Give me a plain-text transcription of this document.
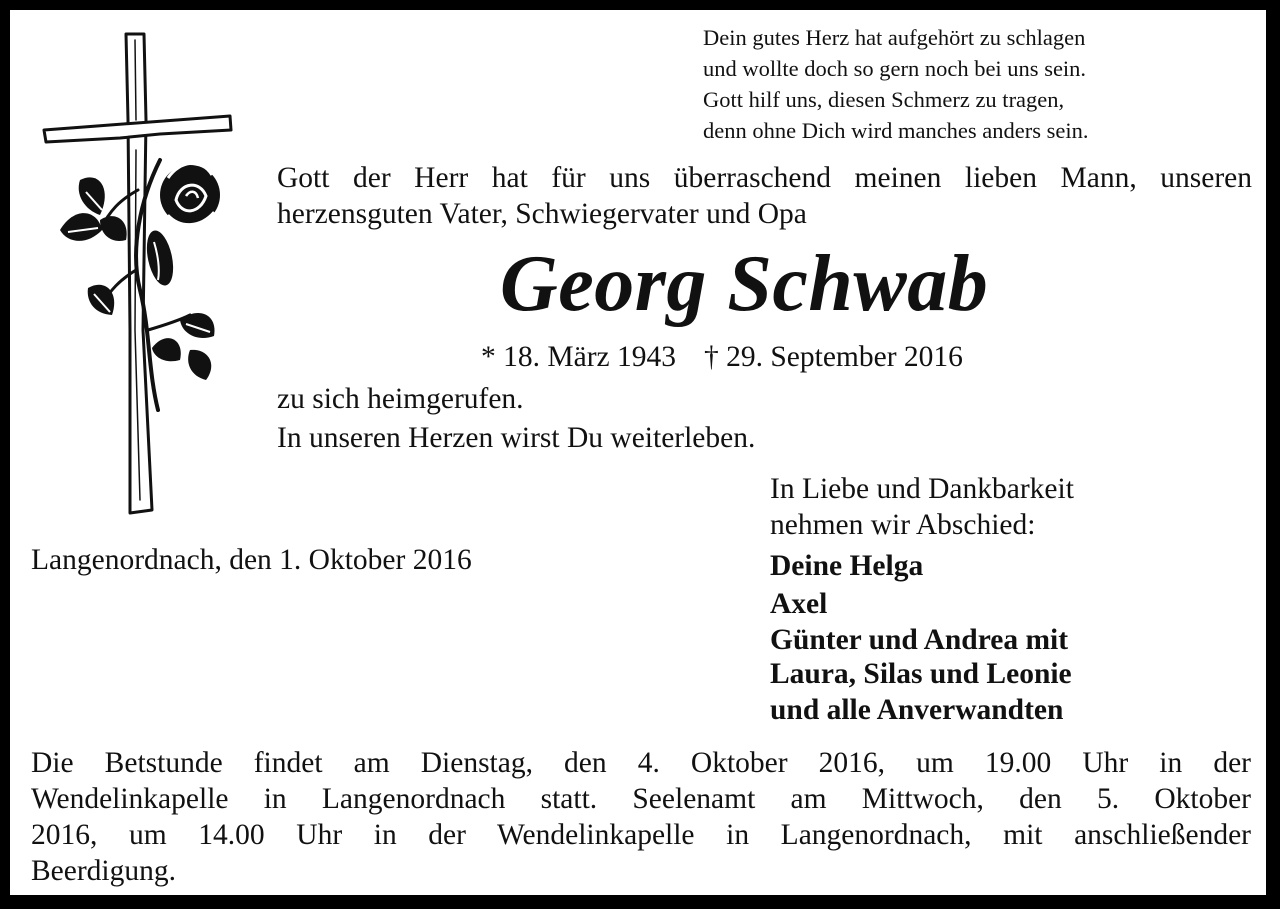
Dein gutes Herz hat aufgehört zu schlagen
und wollte doch so gern noch bei uns sein.
Gott hilf uns, diesen Schmerz zu tragen,
denn ohne Dich wird manches anders sein.
Gott der Herr hat für uns überraschend meinen lieben Mann, unseren
herzensguten Vater, Schwiegervater und Opa
Georg Schwab
* 18. März 1943 † 29. September 2016
zu sich heimgerufen.
In unseren Herzen wirst Du weiterleben.
Langenordnach, den 1. Oktober 2016
In Liebe und Dankbarkeit
nehmen wir Abschied:
Deine Helga
Axel
Günter und Andrea mit
Laura, Silas und Leonie
und alle Anverwandten
Die Betstunde findet am Dienstag, den 4. Oktober 2016, um 19.00 Uhr in der
Wendelinkapelle in Langenordnach statt. Seelenamt am Mittwoch, den 5. Oktober
2016, um 14.00 Uhr in der Wendelinkapelle in Langenordnach, mit anschließender
Beerdigung.
